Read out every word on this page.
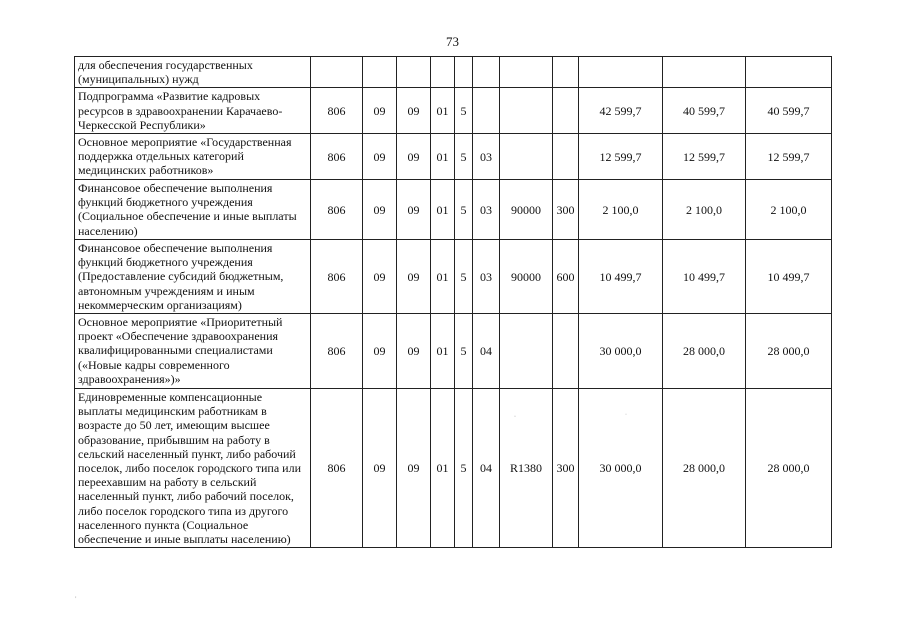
73
для обеспечения государственных (муниципальных) нужд											
Подпрограмма «Развитие кадровых ресурсов в здравоохранении Карачаево-Черкесской Республики»	806	09	09	01	5				42 599,7	40 599,7	40 599,7
Основное мероприятие «Государственная поддержка отдельных категорий медицинских работников»	806	09	09	01	5	03			12 599,7	12 599,7	12 599,7
Финансовое обеспечение выполнения функций бюджетного учреждения (Социальное обеспечение и иные выплаты населению)	806	09	09	01	5	03	90000	300	2 100,0	2 100,0	2 100,0
Финансовое обеспечение выполнения функций бюджетного учреждения (Предоставление субсидий бюджетным, автономным учреждениям и иным некоммерческим организациям)	806	09	09	01	5	03	90000	600	10 499,7	10 499,7	10 499,7
Основное мероприятие «Приоритетный проект «Обеспечение здравоохранения квалифицированными специалистами («Новые кадры современного здравоохранения»)»	806	09	09	01	5	04			30 000,0	28 000,0	28 000,0
Единовременные компенсационные выплаты медицинским работникам в возрасте до 50 лет, имеющим высшее образование, прибывшим на работу в сельский населенный пункт, либо рабочий поселок, либо поселок городского типа или переехавшим на работу в сельский населенный пункт, либо рабочий поселок, либо поселок городского типа из другого населенного пункта (Социальное обеспечение и иные выплаты населению)	806	09	09	01	5	04	R1380	300	30 000,0	28 000,0	28 000,0
·	·
,
